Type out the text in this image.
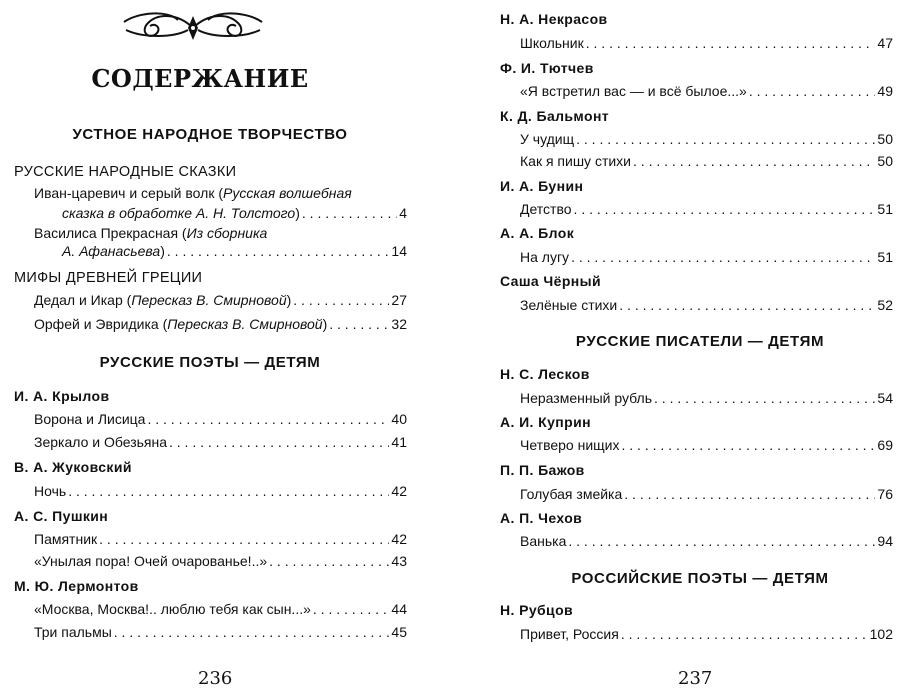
СОДЕРЖАНИЕ
УСТНОЕ НАРОДНОЕ ТВОРЧЕСТВО
РУССКИЕ НАРОДНЫЕ СКАЗКИ
Иван-царевич и серый волк (Русская волшебная
сказка в обработке А. Н. Толстого) . . .	4
Василиса Прекрасная (Из сборника
А. Афанасьева) . . .	14
МИФЫ ДРЕВНЕЙ ГРЕЦИИ
Дедал и Икар (Пересказ В. Смирновой) . . .	27
Орфей и Эвридика (Пересказ В. Смирновой) . . .	32
РУССКИЕ ПОЭТЫ — ДЕТЯМ
И. А. Крылов
Ворона и Лисица . . .	40
Зеркало и Обезьяна . . .	41
В. А. Жуковский
Ночь . . .	42
А. С. Пушкин
Памятник . . .	42
«Унылая пора! Очей очарованье!..» . . .	43
М. Ю. Лермонтов
«Москва, Москва!.. люблю тебя как сын...» . . .	44
Три пальмы . . .	45
236
Н. А. Некрасов
Школьник . . .	47
Ф. И. Тютчев
«Я встретил вас — и всё былое...» . . .	49
К. Д. Бальмонт
У чудищ . . .	50
Как я пишу стихи . . .	50
И. А. Бунин
Детство . . .	51
А. А. Блок
На лугу . . .	51
Саша Чёрный
Зелёные стихи . . .	52
РУССКИЕ ПИСАТЕЛИ — ДЕТЯМ
Н. С. Лесков
Неразменный рубль . . .	54
А. И. Куприн
Четверо нищих . . .	69
П. П. Бажов
Голубая змейка . . .	76
А. П. Чехов
Ванька . . .	94
РОССИЙСКИЕ ПОЭТЫ — ДЕТЯМ
Н. Рубцов
Привет, Россия . . .	102
237
